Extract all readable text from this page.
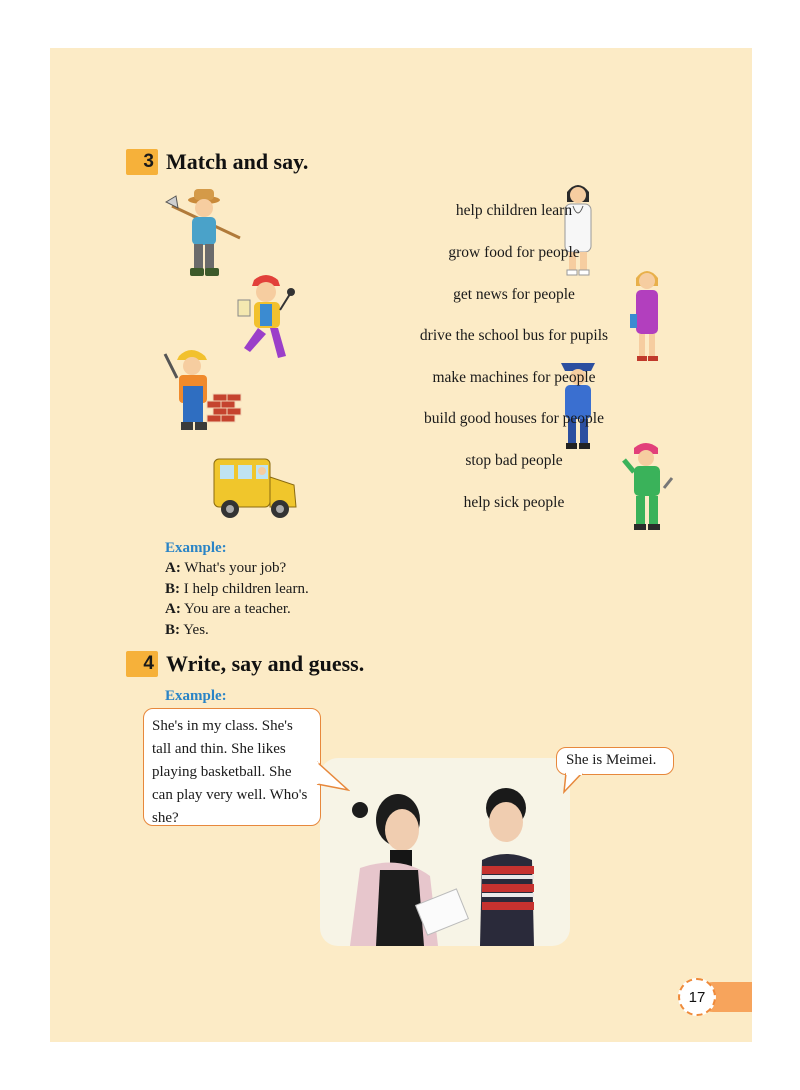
3 Match and say.
help children learn
grow food for people
get news for people
drive the school bus for pupils
make machines for people
build good houses for people
stop bad people
help sick people
Example:
A: What's your job?
B: I help children learn.
A: You are a teacher.
B: Yes.
4 Write, say and guess.
Example:
She's in my class. She's
tall and thin. She likes
playing basketball. She
can play very well. Who's
she?
She is Meimei.
17
